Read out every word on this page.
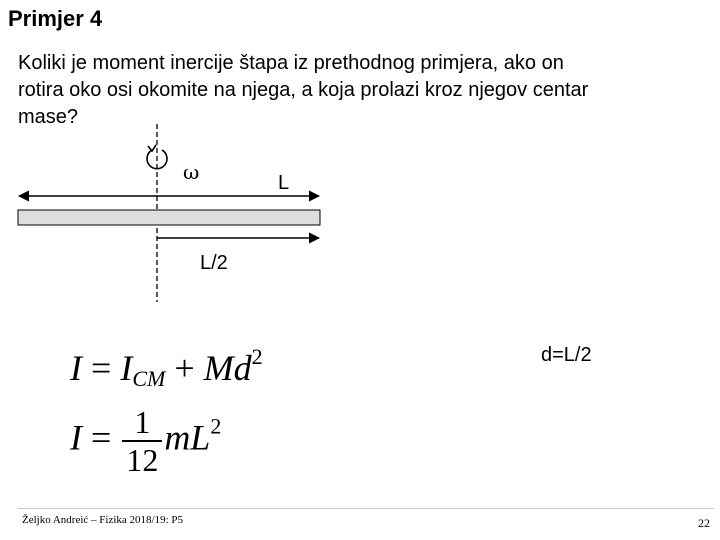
Primjer 4
Koliki je moment inercije štapa iz prethodnog primjera, ako on
rotira oko osi okomite na njega, a koja prolazi kroz njegov centar
mase?
ω	L
L/2
d=L/2
$I = I_{CM} + Md^2$
$I = \frac{1}{12} mL^2$
Željko Andreić – Fizika 2018/19: P5	22
